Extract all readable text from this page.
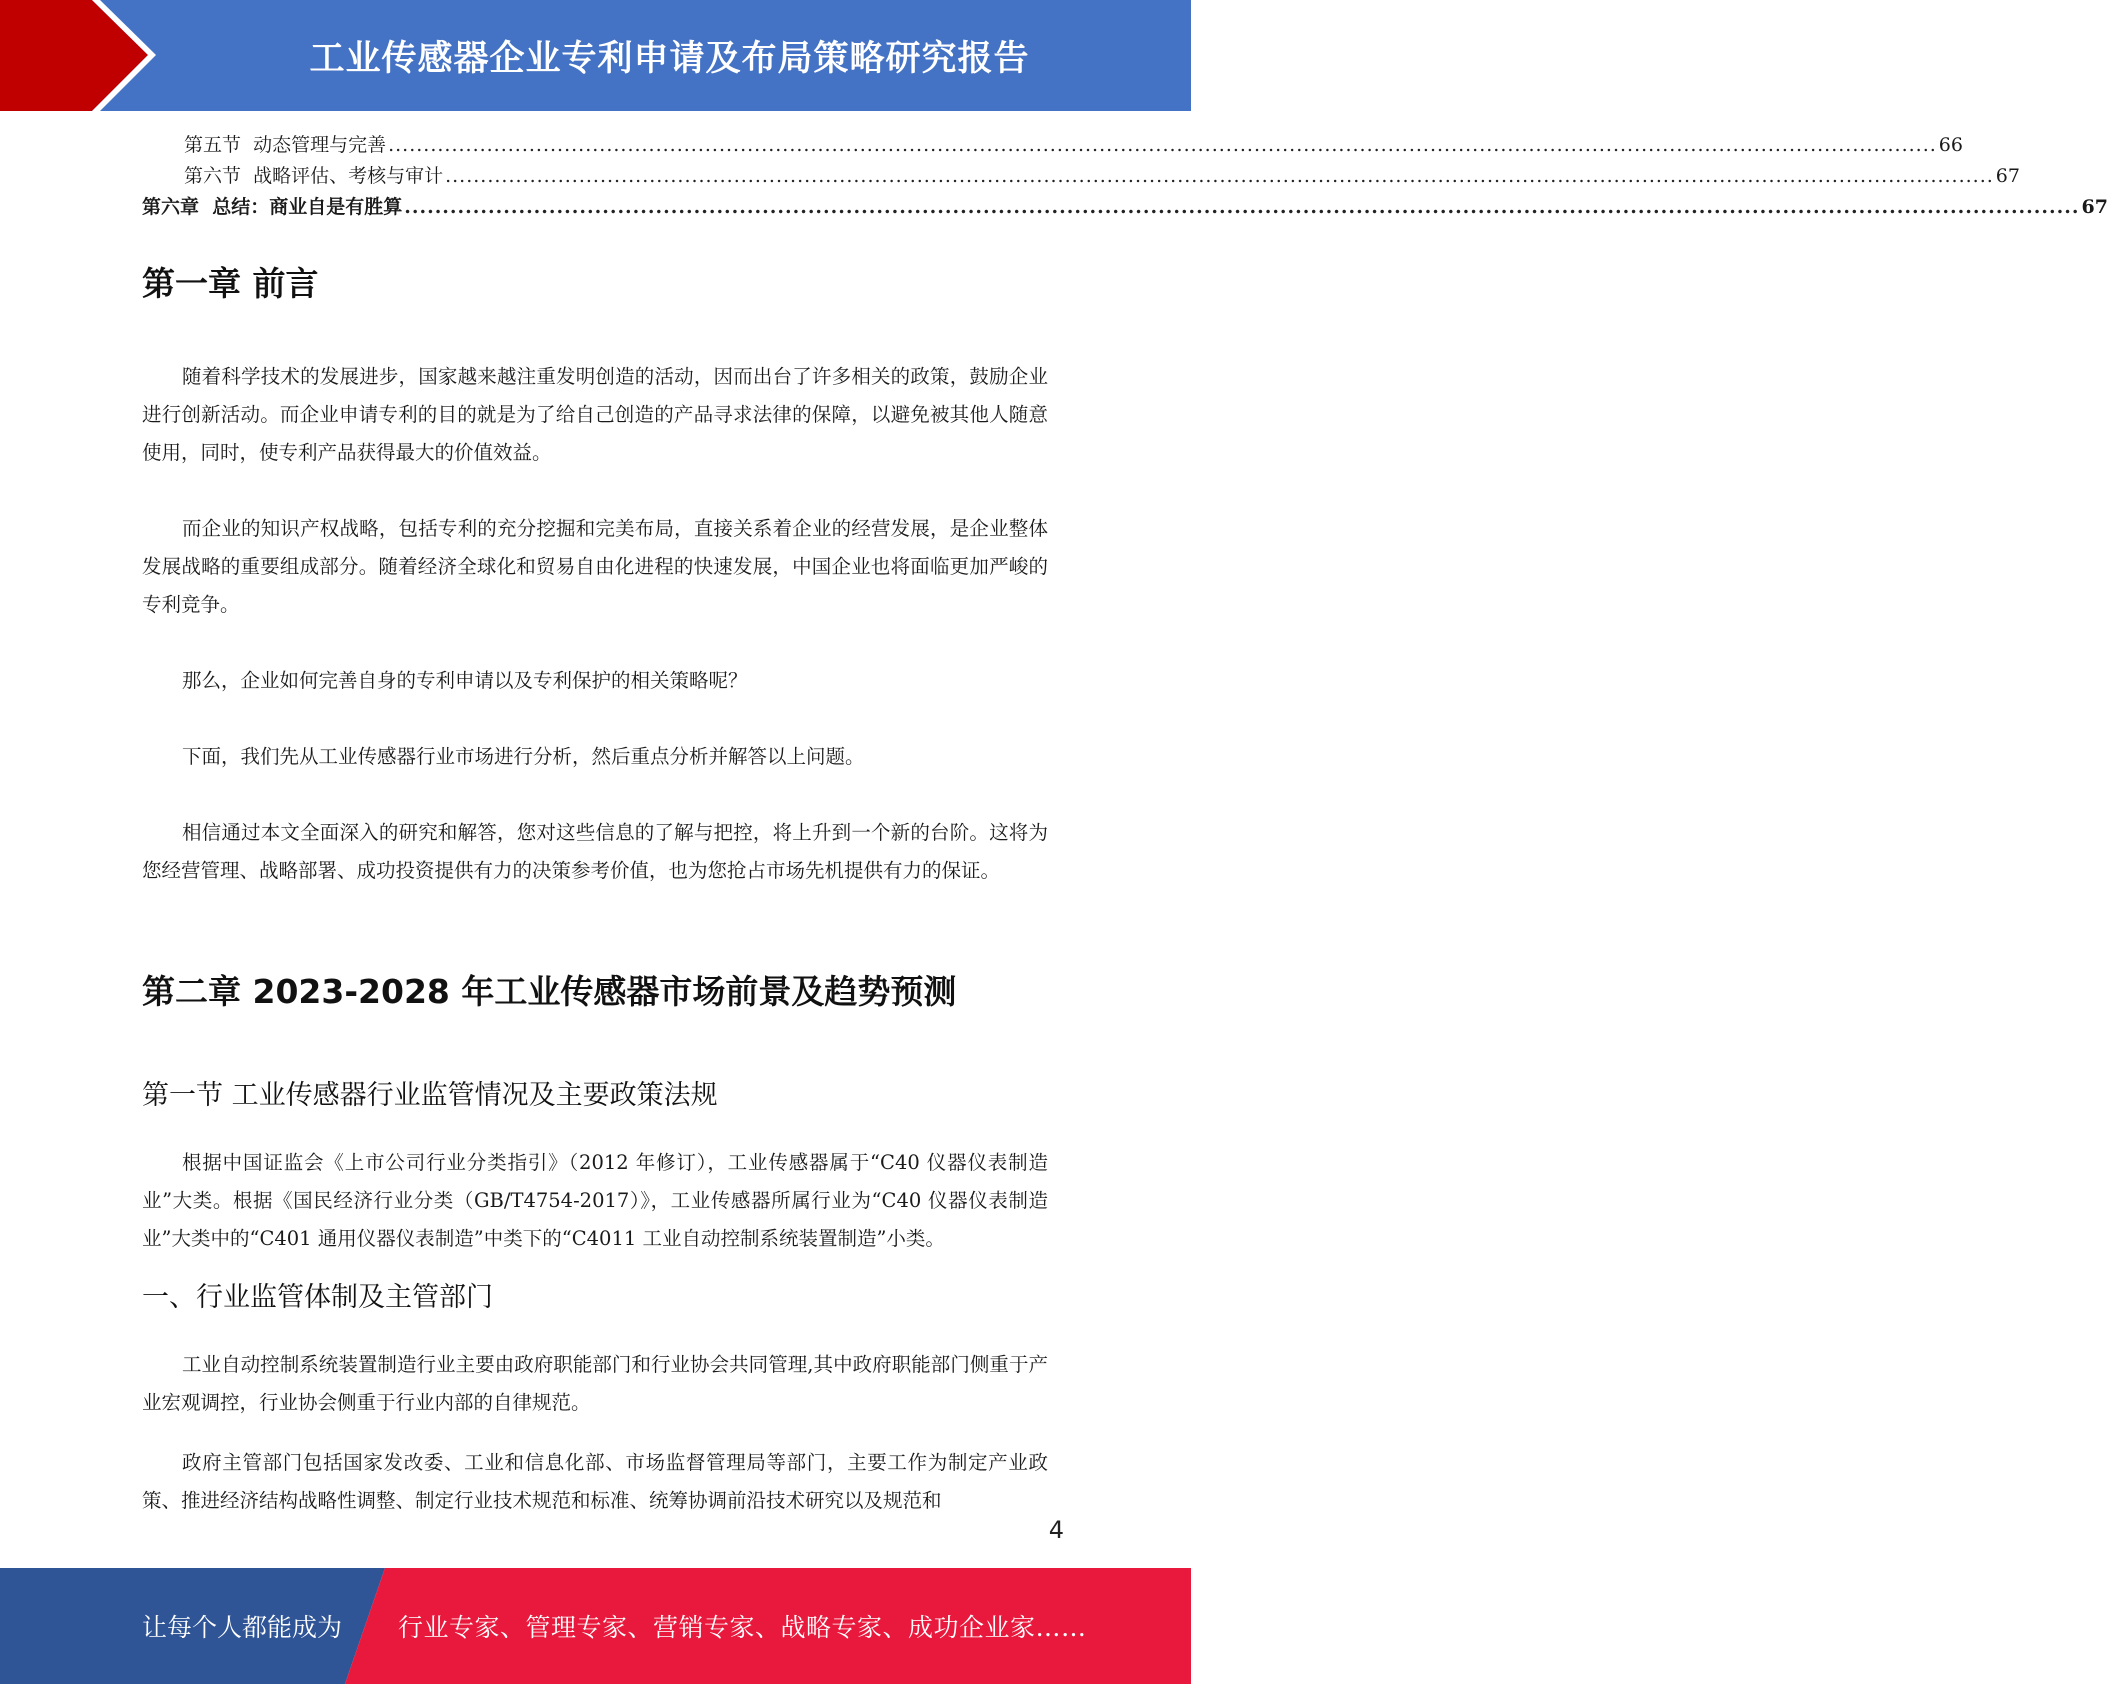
工业传感器企业专利申请及布局策略研究报告
第五节  动态管理与完善 ............................................................................................................................................................................................................................ 66
第六节  战略评估、考核与审计 ............................................................................................................................................................................................................................ 67
第六章  总结：商业自是有胜算 ............................................................................................................................................................................................................................ 67
第一章 前言

随着科学技术的发展进步，国家越来越注重发明创造的活动，因而出台了许多相关的政策，鼓励企业进行创新活动。而企业申请专利的目的就是为了给自己创造的产品寻求法律的保障，以避免被其他人随意使用，同时，使专利产品获得最大的价值效益。

而企业的知识产权战略，包括专利的充分挖掘和完美布局，直接关系着企业的经营发展，是企业整体发展战略的重要组成部分。随着经济全球化和贸易自由化进程的快速发展，中国企业也将面临更加严峻的专利竞争。

那么，企业如何完善自身的专利申请以及专利保护的相关策略呢？

下面，我们先从工业传感器行业市场进行分析，然后重点分析并解答以上问题。

相信通过本文全面深入的研究和解答，您对这些信息的了解与把控，将上升到一个新的台阶。这将为您经营管理、战略部署、成功投资提供有力的决策参考价值，也为您抢占市场先机提供有力的保证。

第二章 2023-2028 年工业传感器市场前景及趋势预测
第一节 工业传感器行业监管情况及主要政策法规

根据中国证监会《上市公司行业分类指引》（2012 年修订），工业传感器属于“C40 仪器仪表制造业”大类。根据《国民经济行业分类（GB/T4754-2017）》，工业传感器所属行业为“C40 仪器仪表制造业”大类中的“C401 通用仪器仪表制造”中类下的“C4011 工业自动控制系统装置制造”小类。

一、行业监管体制及主管部门

工业自动控制系统装置制造行业主要由政府职能部门和行业协会共同管理,其中政府职能部门侧重于产业宏观调控，行业协会侧重于行业内部的自律规范。

政府主管部门包括国家发改委、工业和信息化部、市场监督管理局等部门，主要工作为制定产业政策、推进经济结构战略性调整、制定行业技术规范和标准、统筹协调前沿技术研究以及规范和

4
让每个人都能成为 行业专家、管理专家、营销专家、战略专家、成功企业家……
